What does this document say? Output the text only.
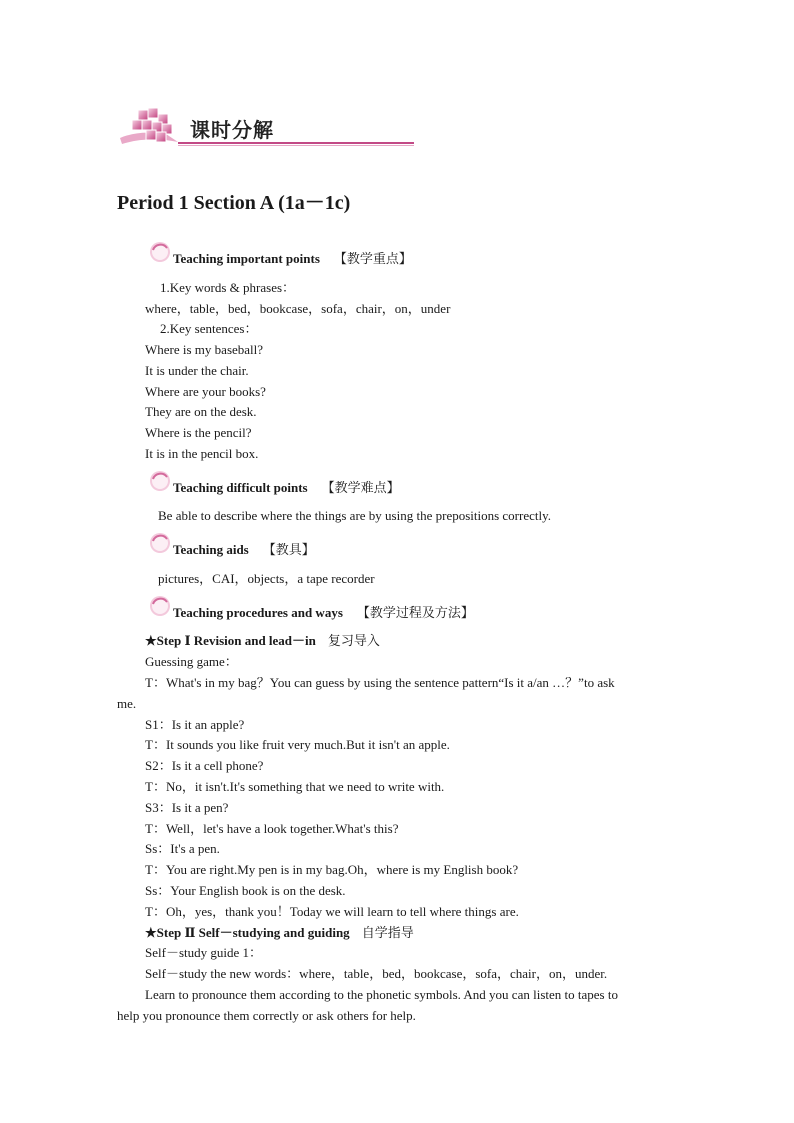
课时分解
Period 1 Section A (1a－1c)
Teaching important points 【教学重点】
1.Key words & phrases：
where，table，bed，bookcase，sofa，chair，on，under
2.Key sentences：
Where is my baseball?
It is under the chair.
Where are your books?
They are on the desk.
Where is the pencil?
It is in the pencil box.
Teaching difficult points 【教学难点】
Be able to describe where the things are by using the prepositions correctly.
Teaching aids 【教具】
pictures，CAI，objects，a tape recorder
Teaching procedures and ways 【教学过程及方法】
★Step Ⅰ Revision and lead－in 复习导入
Guessing game：
T：What's in my bag？You can guess by using the sentence pattern“Is it a/an …？”to ask
me.
S1：Is it an apple?
T：It sounds you like fruit very much.But it isn't an apple.
S2：Is it a cell phone?
T：No，it isn't.It's something that we need to write with.
S3：Is it a pen?
T：Well，let's have a look together.What's this?
Ss：It's a pen.
T：You are right.My pen is in my bag.Oh，where is my English book?
Ss：Your English book is on the desk.
T：Oh，yes，thank you！Today we will learn to tell where things are.
★Step Ⅱ Self－studying and guiding 自学指导
Self－study guide 1：
Self－study the new words：where，table，bed，bookcase，sofa，chair，on，under.
Learn to pronounce them according to the phonetic symbols. And you can listen to tapes to
help you pronounce them correctly or ask others for help.
